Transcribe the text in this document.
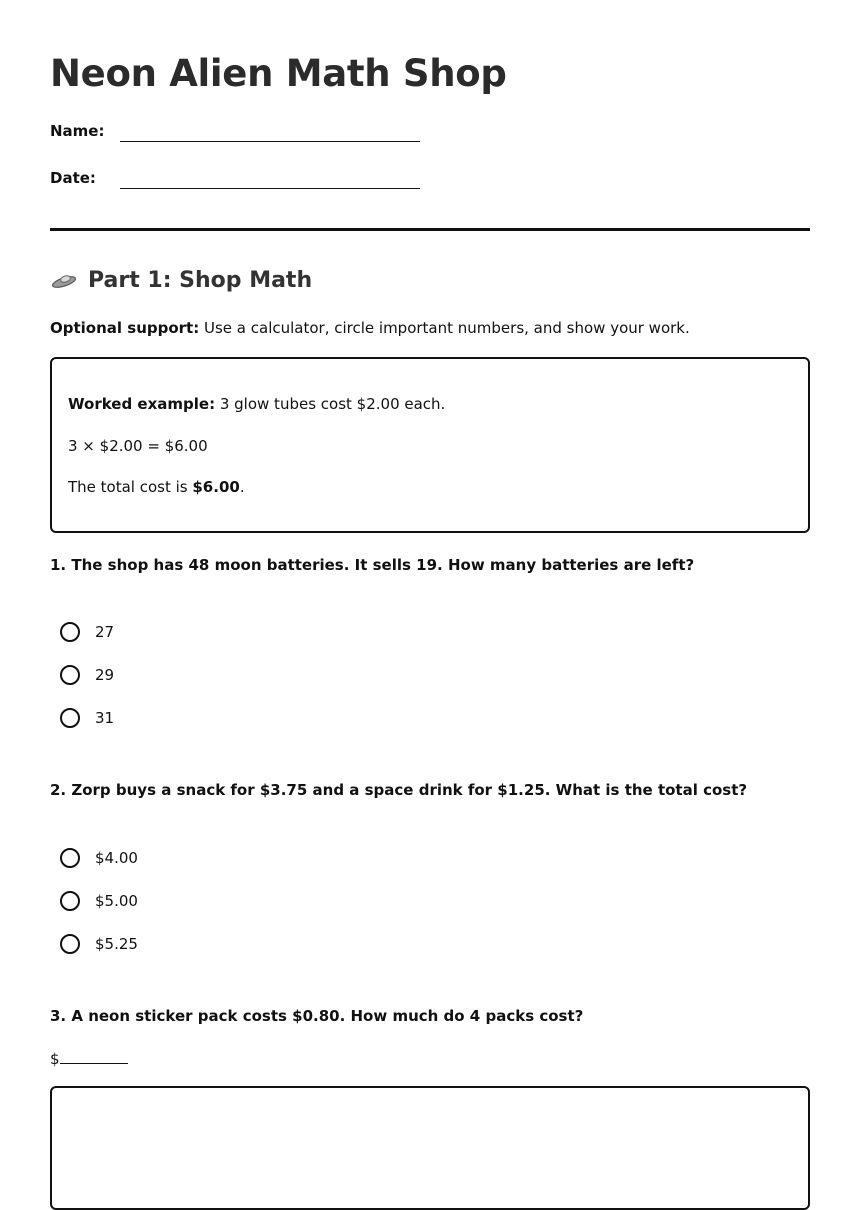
Neon Alien Math Shop
Name:
Date:
Part 1: Shop Math
Optional support: Use a calculator, circle important numbers, and show your work.
Worked example: 3 glow tubes cost $2.00 each.
3 × $2.00 = $6.00
The total cost is $6.00.
1. The shop has 48 moon batteries. It sells 19. How many batteries are left?
27
29
31
2. Zorp buys a snack for $3.75 and a space drink for $1.25. What is the total cost?
$4.00
$5.00
$5.25
3. A neon sticker pack costs $0.80. How much do 4 packs cost?
$
